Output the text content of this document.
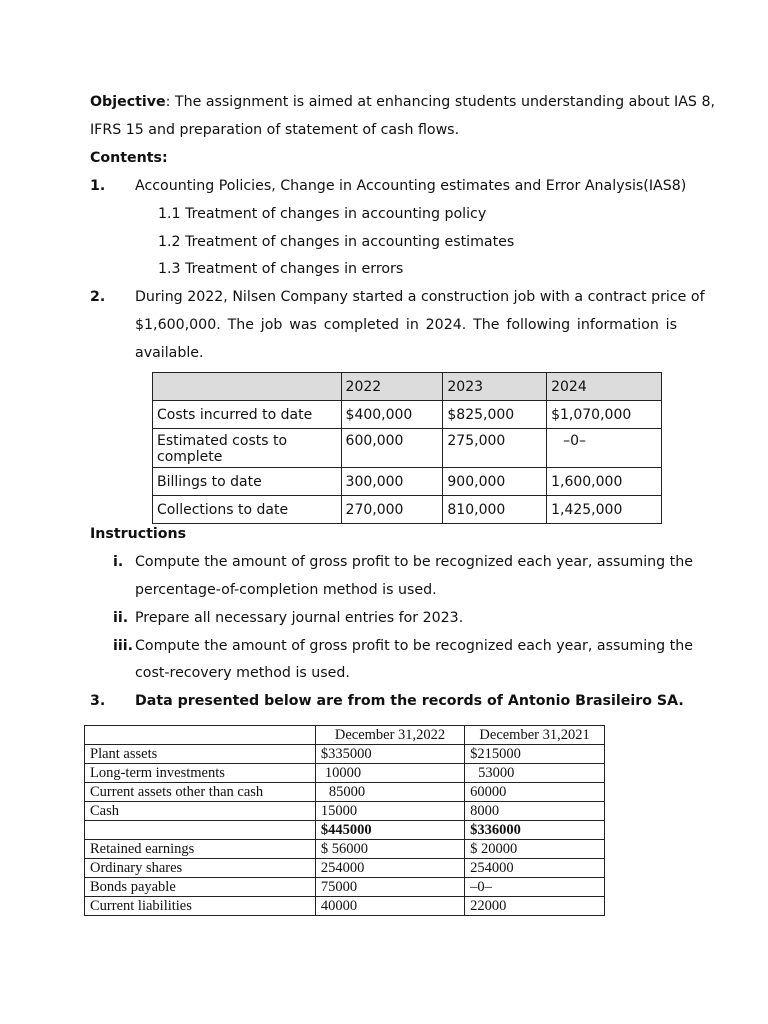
Objective: The assignment is aimed at enhancing students understanding about IAS 8,
IFRS 15 and preparation of statement of cash flows.
Contents:
1. Accounting Policies, Change in Accounting estimates and Error Analysis(IAS8)
1.1 Treatment of changes in accounting policy
1.2 Treatment of changes in accounting estimates
1.3 Treatment of changes in errors
2. During 2022, Nilsen Company started a construction job with a contract price of
$1,600,000. The job was completed in 2024. The following information is
available.
	2022	2023	2024
Costs incurred to date	$400,000	$825,000	$1,070,000
Estimated costs to complete	600,000	275,000	–0–
Billings to date	300,000	900,000	1,600,000
Collections to date	270,000	810,000	1,425,000
Instructions
i. Compute the amount of gross profit to be recognized each year, assuming the
percentage-of-completion method is used.
ii. Prepare all necessary journal entries for 2023.
iii. Compute the amount of gross profit to be recognized each year, assuming the
cost-recovery method is used.
3. Data presented below are from the records of Antonio Brasileiro SA.
	December 31,2022	December 31,2021
Plant assets	$335000	$215000
Long-term investments	10000	53000
Current assets other than cash	85000	60000
Cash	15000	8000
	$445000	$336000
Retained earnings	$ 56000	$ 20000
Ordinary shares	254000	254000
Bonds payable	75000	–0–
Current liabilities	40000	22000
